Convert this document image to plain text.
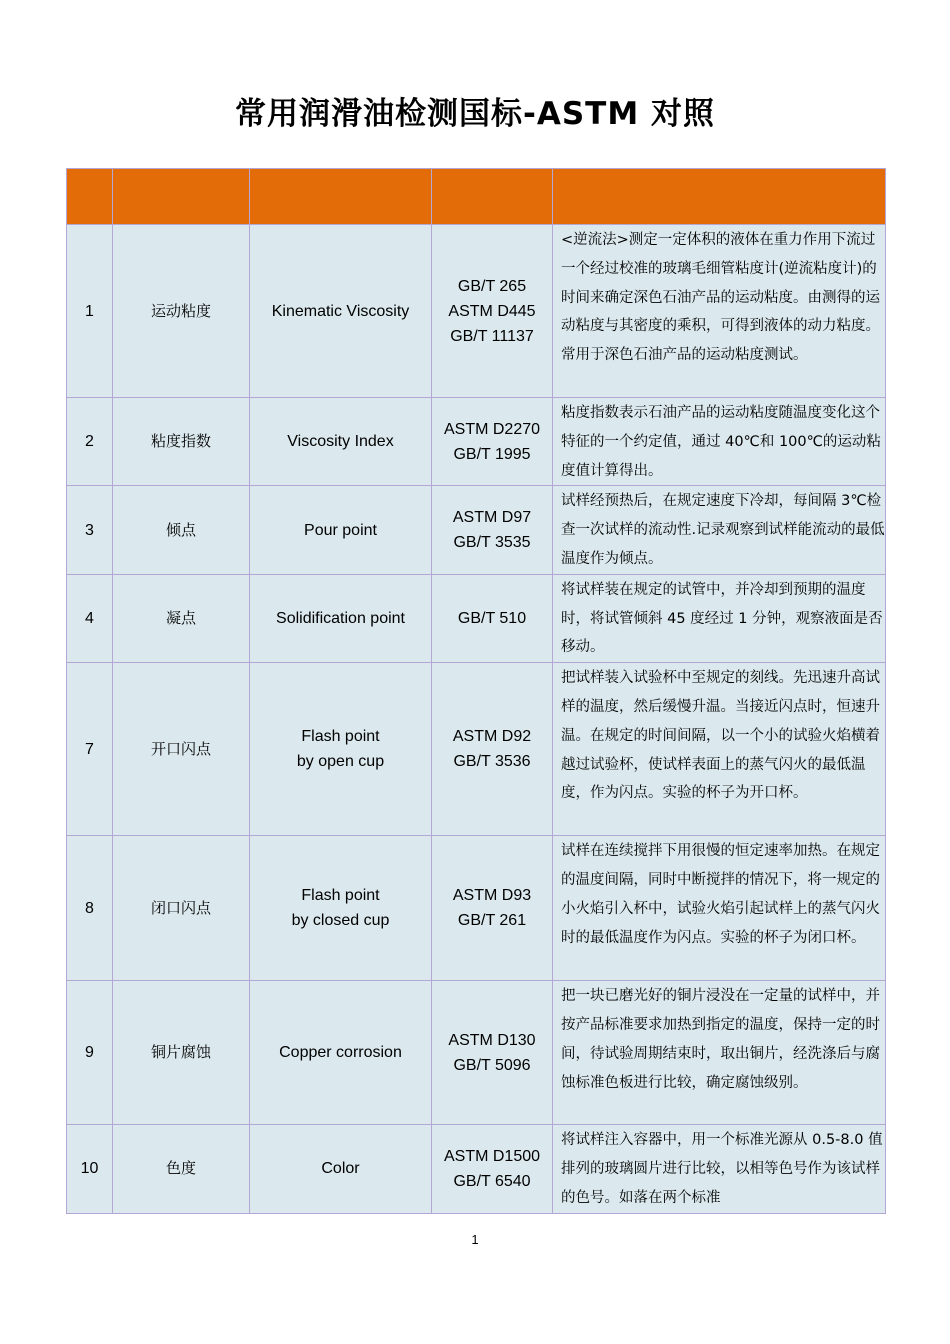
常用润滑油检测国标-ASTM 对照

1	运动粘度	Kinematic Viscosity	GB/T 265
ASTM D445
GB/T 11137	<逆流法>测定一定体积的液体在重力作用下流过一个经过校准的玻璃毛细管粘度计(逆流粘度计)的时间来确定深色石油产品的运动粘度。由测得的运动粘度与其密度的乘积，可得到液体的动力粘度。常用于深色石油产品的运动粘度测试。
2	粘度指数	Viscosity Index	ASTM D2270
GB/T 1995	粘度指数表示石油产品的运动粘度随温度变化这个特征的一个约定值，通过 40℃和 100℃的运动粘度值计算得出。
3	倾点	Pour point	ASTM D97
GB/T 3535	试样经预热后，在规定速度下冷却，每间隔 3℃检查一次试样的流动性.记录观察到试样能流动的最低温度作为倾点。
4	凝点	Solidification point	GB/T 510	将试样装在规定的试管中，并冷却到预期的温度时，将试管倾斜 45 度经过 1 分钟，观察液面是否移动。
7	开口闪点	Flash point
by open cup	ASTM D92
GB/T 3536	把试样装入试验杯中至规定的刻线。先迅速升高试样的温度，然后缓慢升温。当接近闪点时，恒速升温。在规定的时间间隔，以一个小的试验火焰横着越过试验杯，使试样表面上的蒸气闪火的最低温度，作为闪点。实验的杯子为开口杯。
8	闭口闪点	Flash point
by closed cup	ASTM D93
GB/T 261	试样在连续搅拌下用很慢的恒定速率加热。在规定的温度间隔，同时中断搅拌的情况下，将一规定的小火焰引入杯中，试验火焰引起试样上的蒸气闪火时的最低温度作为闪点。实验的杯子为闭口杯。
9	铜片腐蚀	Copper corrosion	ASTM D130
GB/T 5096	把一块已磨光好的铜片浸没在一定量的试样中，并按产品标准要求加热到指定的温度，保持一定的时间，待试验周期结束时，取出铜片，经洗涤后与腐蚀标准色板进行比较，确定腐蚀级别。
10	色度	Color	ASTM D1500
GB/T 6540	将试样注入容器中，用一个标准光源从 0.5-8.0 值排列的玻璃圆片进行比较，以相等色号作为该试样的色号。如落在两个标准
1
